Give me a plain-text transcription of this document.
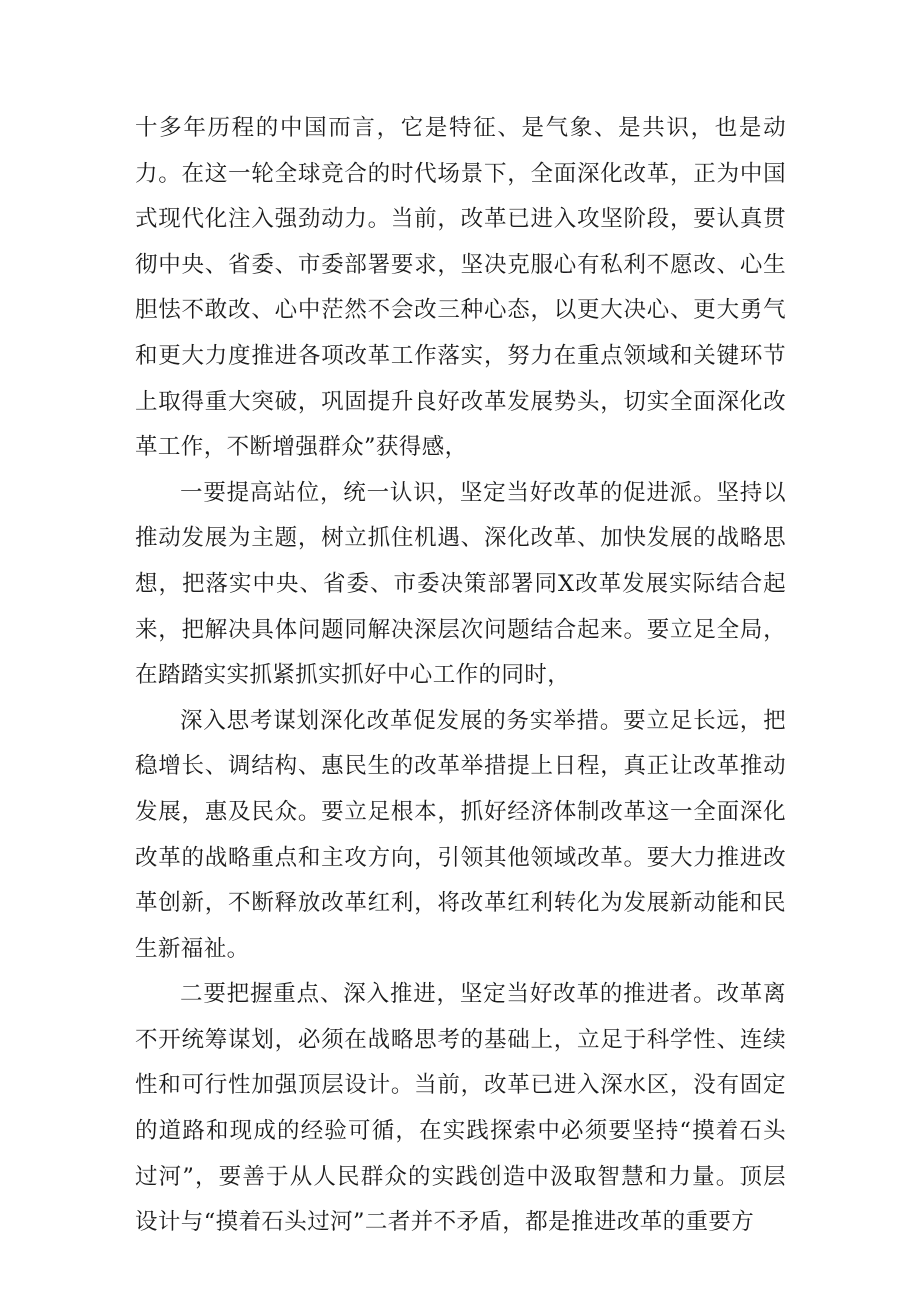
十多年历程的中国而言，它是特征、是气象、是共识，也是动力。在这一轮全球竞合的时代场景下，全面深化改革，正为中国式现代化注入强劲动力。当前，改革已进入攻坚阶段，要认真贯彻中央、省委、市委部署要求，坚决克服心有私利不愿改、心生胆怯不敢改、心中茫然不会改三种心态，以更大决心、更大勇气和更大力度推进各项改革工作落实，努力在重点领域和关键环节上取得重大突破，巩固提升良好改革发展势头，切实全面深化改革工作，不断增强群众”获得感，

一要提高站位，统一认识，坚定当好改革的促进派。坚持以推动发展为主题，树立抓住机遇、深化改革、加快发展的战略思想，把落实中央、省委、市委决策部署同X改革发展实际结合起来，把解决具体问题同解决深层次问题结合起来。要立足全局，在踏踏实实抓紧抓实抓好中心工作的同时，

深入思考谋划深化改革促发展的务实举措。要立足长远，把稳增长、调结构、惠民生的改革举措提上日程，真正让改革推动发展，惠及民众。要立足根本，抓好经济体制改革这一全面深化改革的战略重点和主攻方向，引领其他领域改革。要大力推进改革创新，不断释放改革红利，将改革红利转化为发展新动能和民生新福祉。

二要把握重点、深入推进，坚定当好改革的推进者。改革离不开统筹谋划，必须在战略思考的基础上，立足于科学性、连续性和可行性加强顶层设计。当前，改革已进入深水区，没有固定的道路和现成的经验可循，在实践探索中必须要坚持“摸着石头过河”，要善于从人民群众的实践创造中汲取智慧和力量。顶层设计与“摸着石头过河”二者并不矛盾，都是推进改革的重要方
